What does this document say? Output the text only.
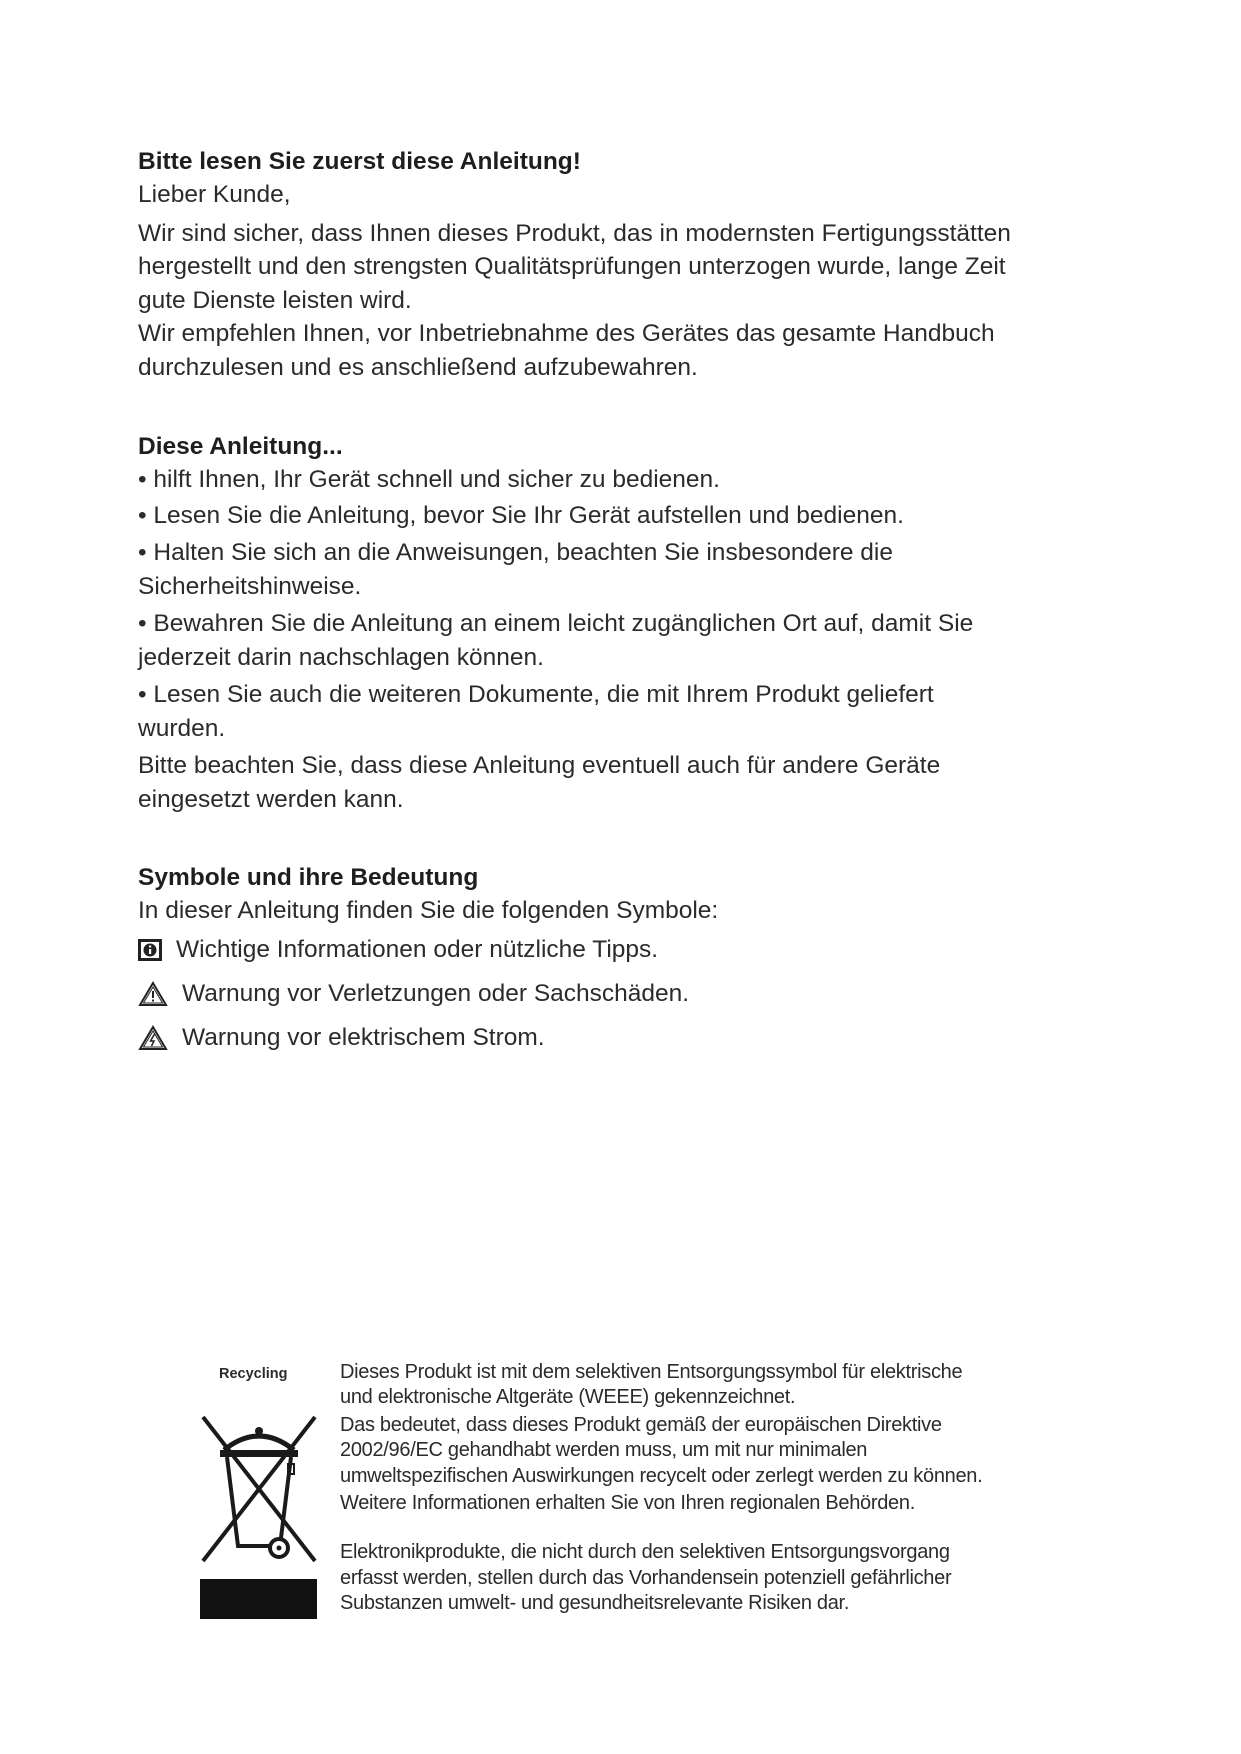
Bitte lesen Sie zuerst diese Anleitung!
Lieber Kunde,
Wir sind sicher, dass Ihnen dieses Produkt, das in modernsten Fertigungsstätten
hergestellt und den strengsten Qualitätsprüfungen unterzogen wurde, lange Zeit
gute Dienste leisten wird.
Wir empfehlen Ihnen, vor Inbetriebnahme des Gerätes das gesamte Handbuch
durchzulesen und es anschließend aufzubewahren.
Diese Anleitung...
• hilft Ihnen, Ihr Gerät schnell und sicher zu bedienen.
• Lesen Sie die Anleitung, bevor Sie Ihr Gerät aufstellen und bedienen.
• Halten Sie sich an die Anweisungen, beachten Sie insbesondere die
Sicherheitshinweise.
• Bewahren Sie die Anleitung an einem leicht zugänglichen Ort auf, damit Sie
jederzeit darin nachschlagen können.
• Lesen Sie auch die weiteren Dokumente, die mit Ihrem Produkt geliefert
wurden.
Bitte beachten Sie, dass diese Anleitung eventuell auch für andere Geräte
eingesetzt werden kann.
Symbole und ihre Bedeutung
In dieser Anleitung finden Sie die folgenden Symbole:
Wichtige Informationen oder nützliche Tipps.
Warnung vor Verletzungen oder Sachschäden.
Warnung vor elektrischem Strom.
Recycling	Dieses Produkt ist mit dem selektiven Entsorgungssymbol für elektrische
und elektronische Altgeräte (WEEE) gekennzeichnet.
Das bedeutet, dass dieses Produkt gemäß der europäischen Direktive
2002/96/EC gehandhabt werden muss, um mit nur minimalen
umweltspezifischen Auswirkungen recycelt oder zerlegt werden zu können.
Weitere Informationen erhalten Sie von Ihren regionalen Behörden.
Elektronikprodukte, die nicht durch den selektiven Entsorgungsvorgang
erfasst werden, stellen durch das Vorhandensein potenziell gefährlicher
Substanzen umwelt- und gesundheitsrelevante Risiken dar.
